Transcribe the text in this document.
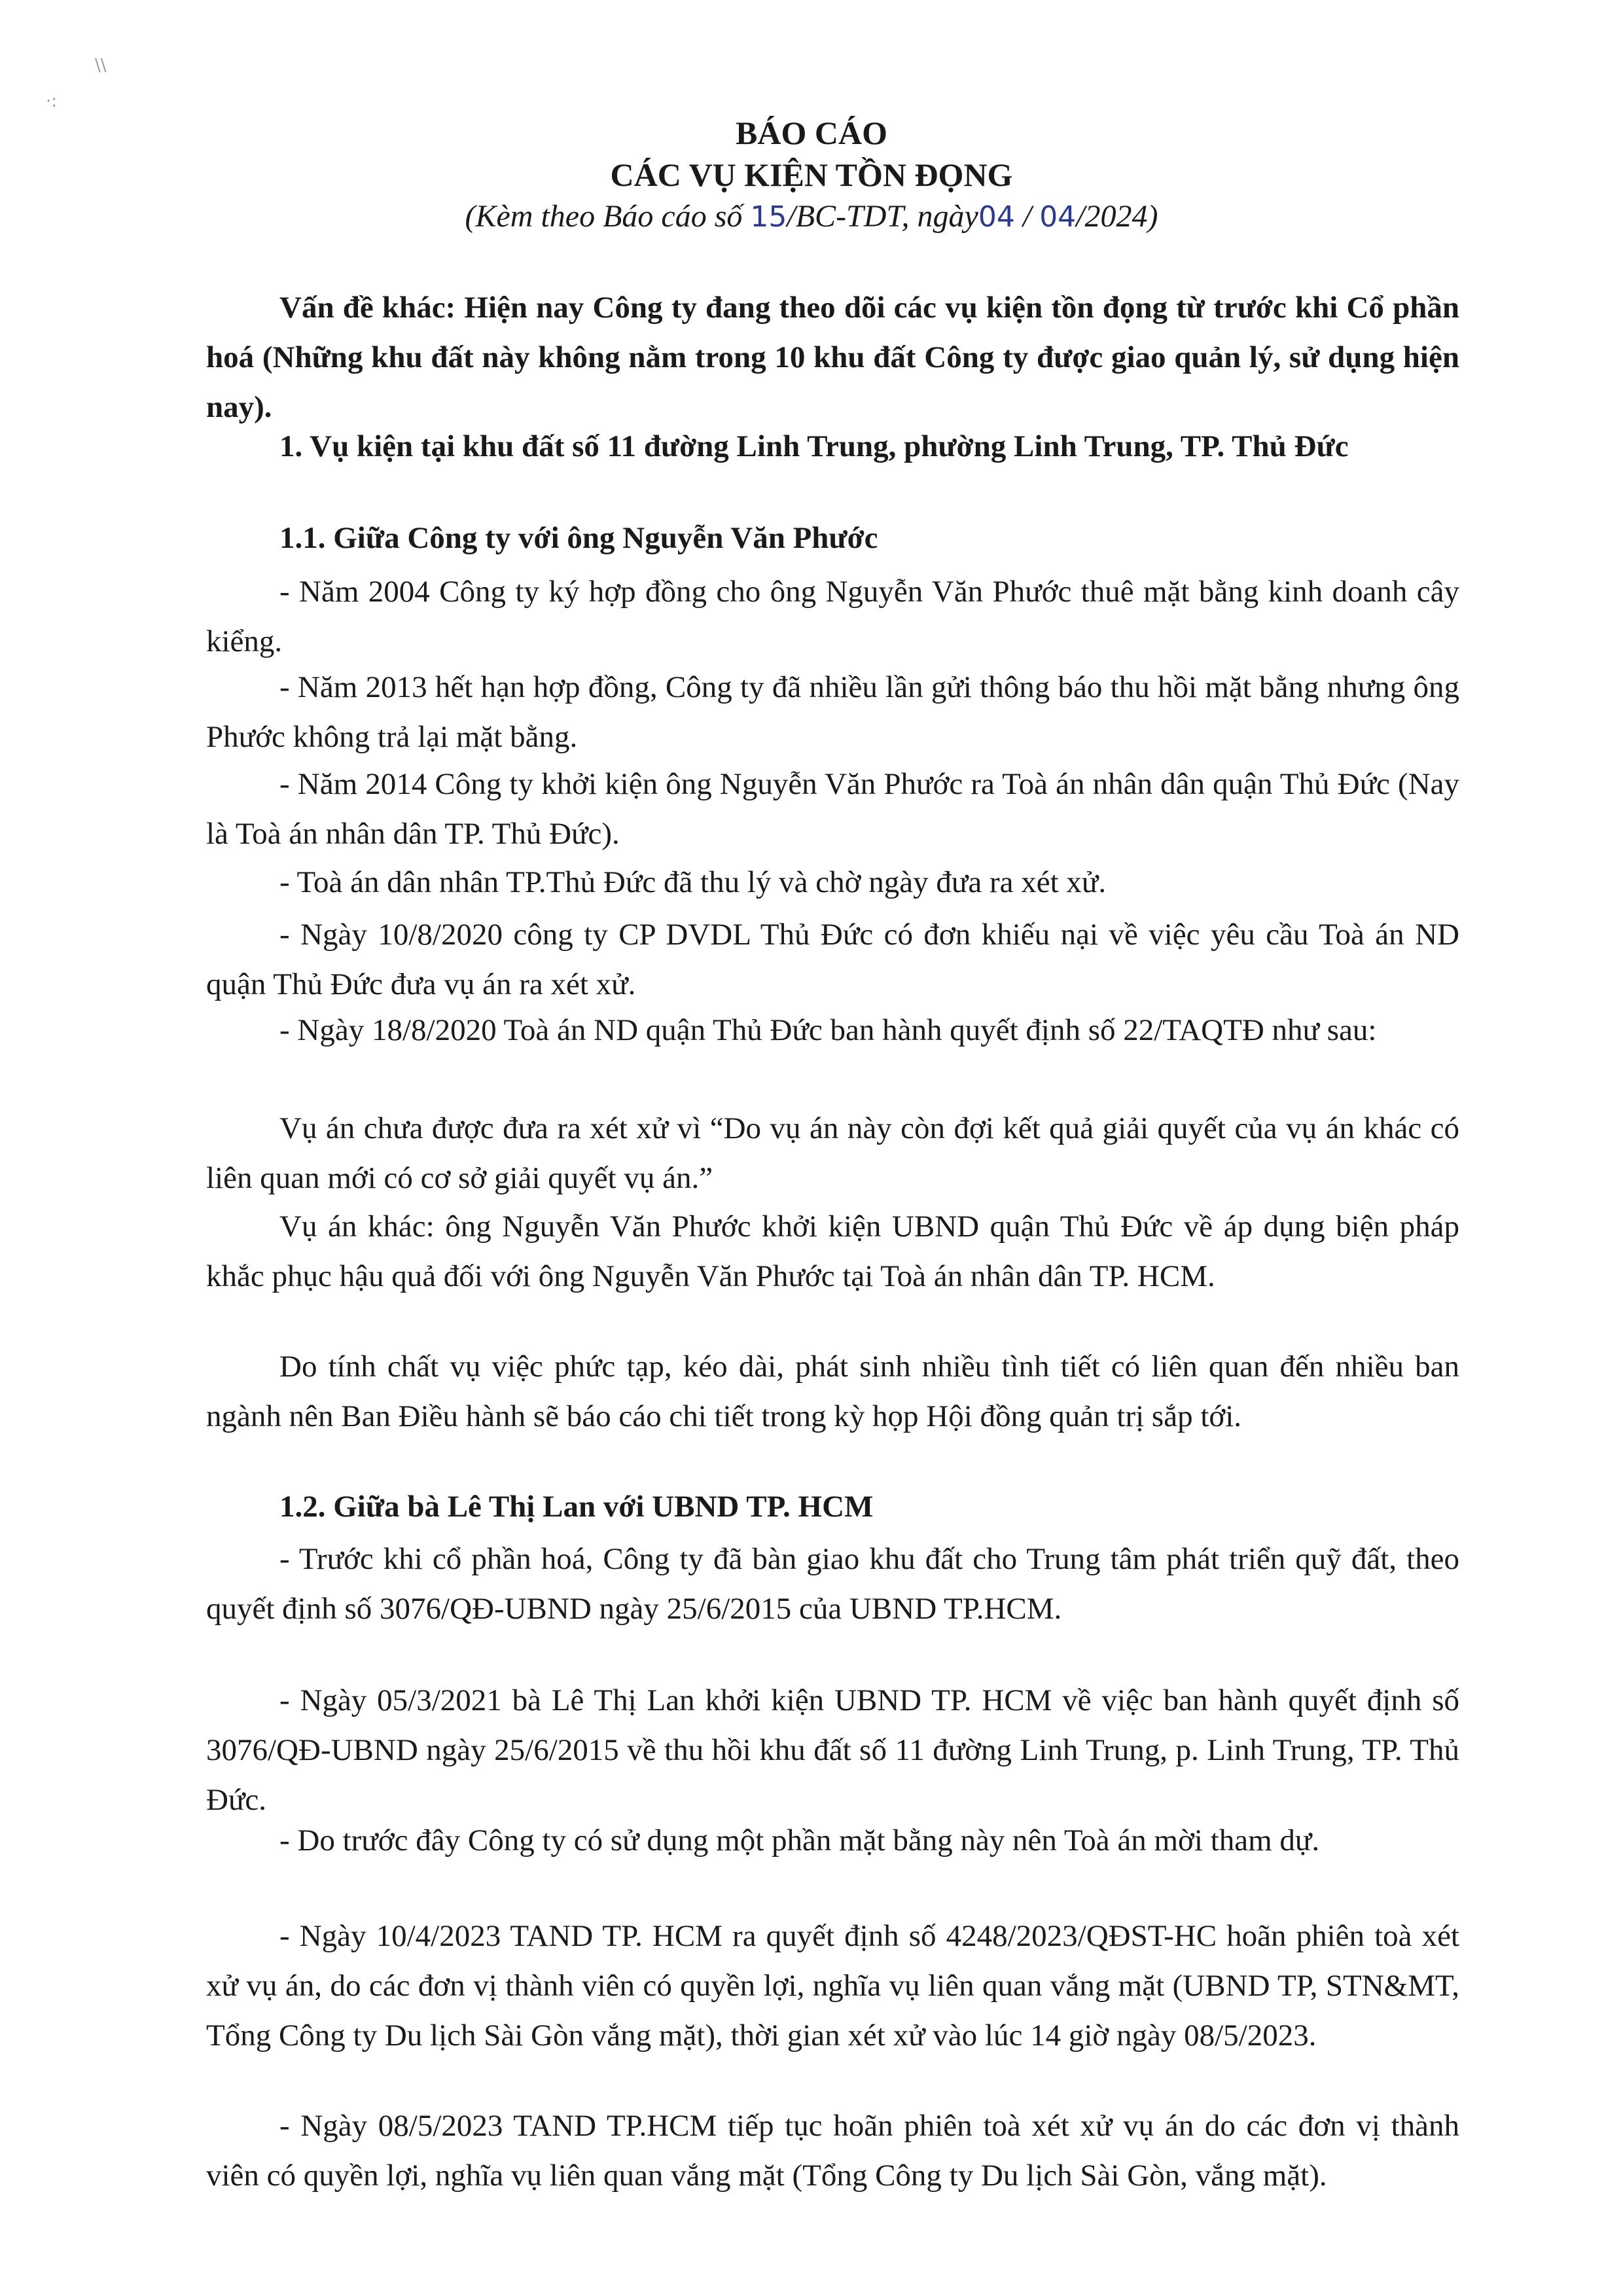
\\
·:
BÁO CÁO
CÁC VỤ KIỆN TỒN ĐỌNG
(Kèm theo Báo cáo số 15/BC-TDT, ngày04 / 04/2024)

Vấn đề khác: Hiện nay Công ty đang theo dõi các vụ kiện tồn đọng từ trước khi Cổ phần hoá (Những khu đất này không nằm trong 10 khu đất Công ty được giao quản lý, sử dụng hiện nay).

1. Vụ kiện tại khu đất số 11 đường Linh Trung, phường Linh Trung, TP. Thủ Đức

1.1. Giữa Công ty với ông Nguyễn Văn Phước

- Năm 2004 Công ty ký hợp đồng cho ông Nguyễn Văn Phước thuê mặt bằng kinh doanh cây kiểng.

- Năm 2013 hết hạn hợp đồng, Công ty đã nhiều lần gửi thông báo thu hồi mặt bằng nhưng ông Phước không trả lại mặt bằng.

- Năm 2014 Công ty khởi kiện ông Nguyễn Văn Phước ra Toà án nhân dân quận Thủ Đức (Nay là Toà án nhân dân TP. Thủ Đức).

- Toà án dân nhân TP.Thủ Đức đã thu lý và chờ ngày đưa ra xét xử.

- Ngày 10/8/2020 công ty CP DVDL Thủ Đức có đơn khiếu nại về việc yêu cầu Toà án ND quận Thủ Đức đưa vụ án ra xét xử.

- Ngày 18/8/2020 Toà án ND quận Thủ Đức ban hành quyết định số 22/TAQTĐ như sau:

Vụ án chưa được đưa ra xét xử vì “Do vụ án này còn đợi kết quả giải quyết của vụ án khác có liên quan mới có cơ sở giải quyết vụ án.”

Vụ án khác: ông Nguyễn Văn Phước khởi kiện UBND quận Thủ Đức về áp dụng biện pháp khắc phục hậu quả đối với ông Nguyễn Văn Phước tại Toà án nhân dân TP. HCM.

Do tính chất vụ việc phức tạp, kéo dài, phát sinh nhiều tình tiết có liên quan đến nhiều ban ngành nên Ban Điều hành sẽ báo cáo chi tiết trong kỳ họp Hội đồng quản trị sắp tới.

1.2. Giữa bà Lê Thị Lan với UBND TP. HCM

- Trước khi cổ phần hoá, Công ty đã bàn giao khu đất cho Trung tâm phát triển quỹ đất, theo quyết định số 3076/QĐ-UBND ngày 25/6/2015 của UBND TP.HCM.

- Ngày 05/3/2021 bà Lê Thị Lan khởi kiện UBND TP. HCM về việc ban hành quyết định số 3076/QĐ-UBND ngày 25/6/2015 về thu hồi khu đất số 11 đường Linh Trung, p. Linh Trung, TP. Thủ Đức.

- Do trước đây Công ty có sử dụng một phần mặt bằng này nên Toà án mời tham dự.

- Ngày 10/4/2023 TAND TP. HCM ra quyết định số 4248/2023/QĐST-HC hoãn phiên toà xét xử vụ án, do các đơn vị thành viên có quyền lợi, nghĩa vụ liên quan vắng mặt (UBND TP, STN&MT, Tổng Công ty Du lịch Sài Gòn vắng mặt), thời gian xét xử vào lúc 14 giờ ngày 08/5/2023.

- Ngày 08/5/2023 TAND TP.HCM tiếp tục hoãn phiên toà xét xử vụ án do các đơn vị thành viên có quyền lợi, nghĩa vụ liên quan vắng mặt (Tổng Công ty Du lịch Sài Gòn, vắng mặt).
